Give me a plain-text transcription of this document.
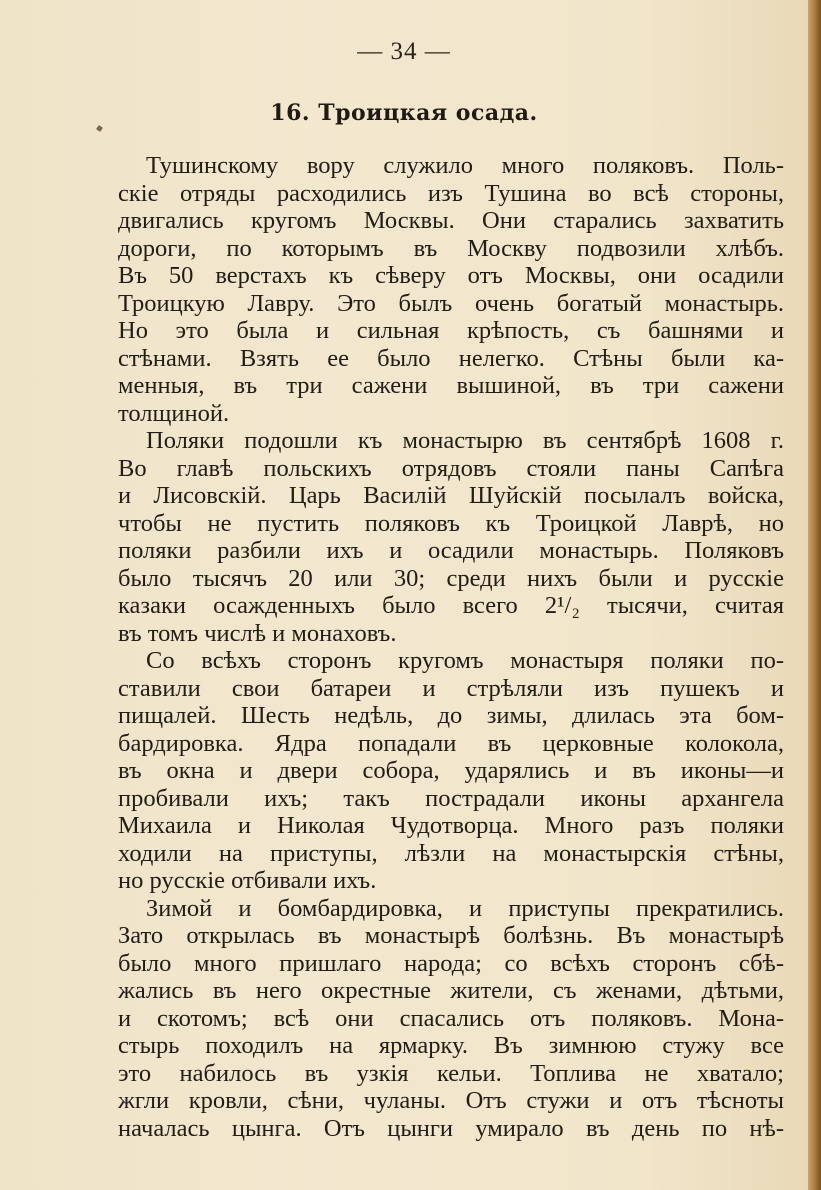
— 34 —
16. Троицкая осада.
Тушинскому вору служило много поляковъ. Поль-
скіе отряды расходились изъ Тушина во всѣ стороны,
двигались кругомъ Москвы. Они старались захватить
дороги, по которымъ въ Москву подвозили хлѣбъ.
Въ 50 верстахъ къ сѣверу отъ Москвы, они осадили
Троицкую Лавру. Это былъ очень богатый монастырь.
Но это была и сильная крѣпость, съ башнями и
стѣнами. Взять ее было нелегко. Стѣны были ка-
менныя, въ три сажени вышиной, въ три сажени
толщиной.
Поляки подошли къ монастырю въ сентябрѣ 1608 г.
Во главѣ польскихъ отрядовъ стояли паны Сапѣга
и Лисовскій. Царь Василій Шуйскій посылалъ войска,
чтобы не пустить поляковъ къ Троицкой Лаврѣ, но
поляки разбили ихъ и осадили монастырь. Поляковъ
было тысячъ 20 или 30; среди нихъ были и русскіе
казаки осажденныхъ было всего 2¹/₂ тысячи, считая
въ томъ числѣ и монаховъ.
Со всѣхъ сторонъ кругомъ монастыря поляки по-
ставили свои батареи и стрѣляли изъ пушекъ и
пищалей. Шесть недѣль, до зимы, длилась эта бом-
бардировка. Ядра попадали въ церковные колокола,
въ окна и двери собора, ударялись и въ иконы—и
пробивали ихъ; такъ пострадали иконы архангела
Михаила и Николая Чудотворца. Много разъ поляки
ходили на приступы, лѣзли на монастырскія стѣны,
но русскіе отбивали ихъ.
Зимой и бомбардировка, и приступы прекратились.
Зато открылась въ монастырѣ болѣзнь. Въ монастырѣ
было много пришлаго народа; со всѣхъ сторонъ сбѣ-
жались въ него окрестные жители, съ женами, дѣтьми,
и скотомъ; всѣ они спасались отъ поляковъ. Мона-
стырь походилъ на ярмарку. Въ зимнюю стужу все
это набилось въ узкія кельи. Топлива не хватало;
жгли кровли, сѣни, чуланы. Отъ стужи и отъ тѣсноты
началась цынга. Отъ цынги умирало въ день по нѣ-
